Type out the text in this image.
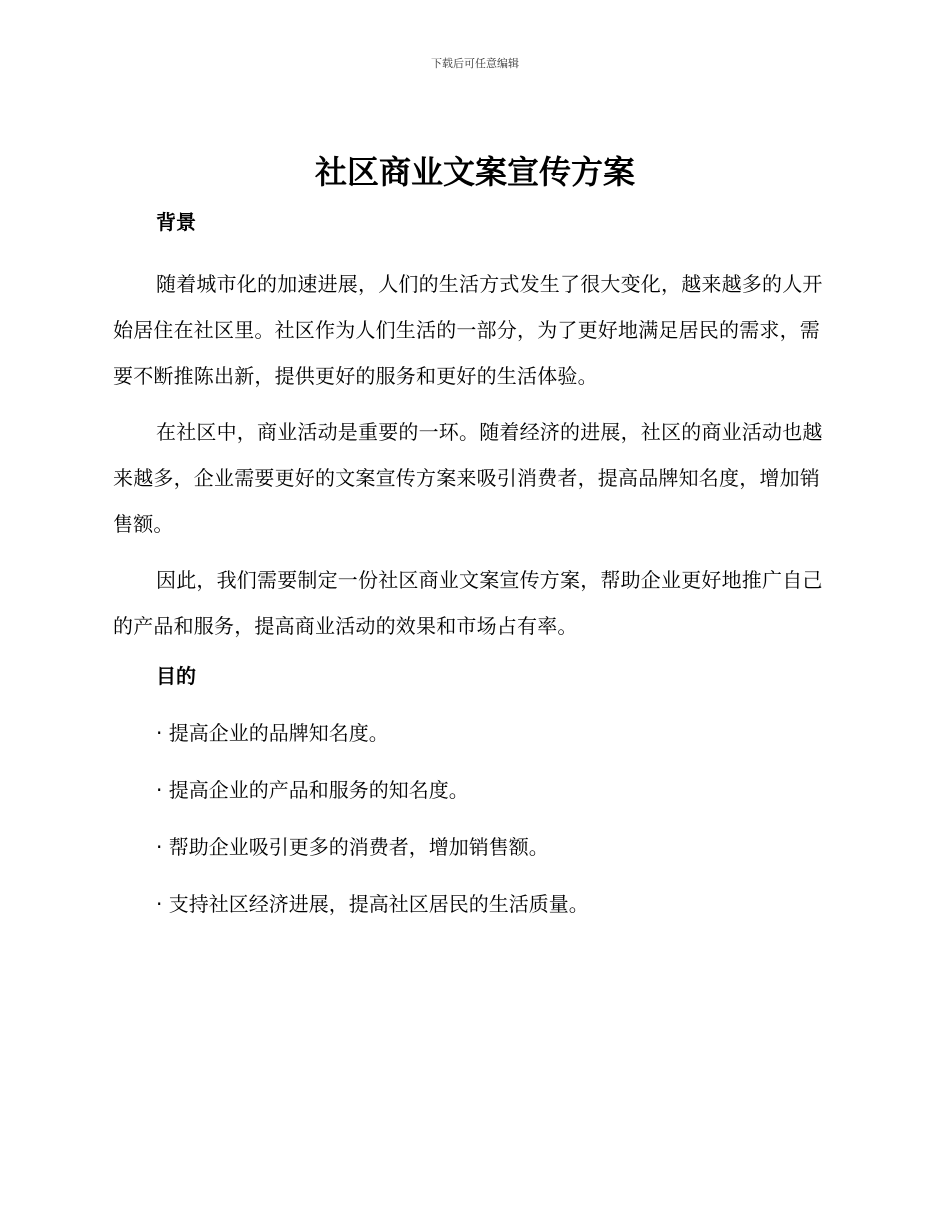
下载后可任意编辑
社区商业文案宣传方案
背景

随着城市化的加速进展，人们的生活方式发生了很大变化，越来越多的人开始居住在社区里。社区作为人们生活的一部分，为了更好地满足居民的需求，需要不断推陈出新，提供更好的服务和更好的生活体验。

在社区中，商业活动是重要的一环。随着经济的进展，社区的商业活动也越来越多，企业需要更好的文案宣传方案来吸引消费者，提高品牌知名度，增加销售额。

因此，我们需要制定一份社区商业文案宣传方案，帮助企业更好地推广自己的产品和服务，提高商业活动的效果和市场占有率。

目的

· 提高企业的品牌知名度。

· 提高企业的产品和服务的知名度。

· 帮助企业吸引更多的消费者，增加销售额。

· 支持社区经济进展，提高社区居民的生活质量。
